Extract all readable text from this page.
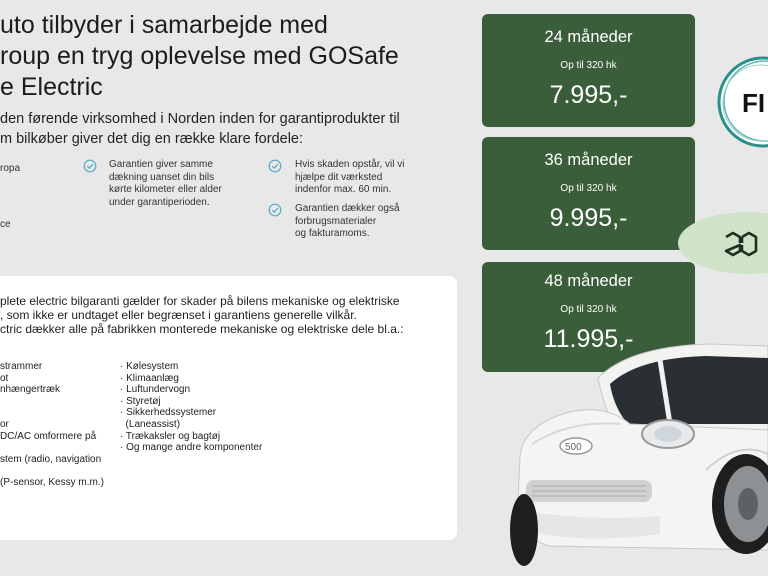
uto tilbyder i samarbejde med
roup en tryg oplevelse med GOSafe
e Electric
den førende virksomhed i Norden inden for garantiprodukter til
m bilkøber giver det dig en række klare fordele:
ropa

ce
Garantien giver samme
dækning uanset din bils
kørte kilometer eller alder
under garantiperioden.
Hvis skaden opstår, vil vi
hjælpe dit værksted
indenfor max. 60 min.
Garantien dækker også
forbrugsmaterialer
og fakturamoms.
plete electric bilgaranti gælder for skader på bilens mekaniske og elektriske
, som ikke er undtaget eller begrænset i garantiens generelle vilkår.
ctric dækker alle på fabrikken monterede mekaniske og elektriske dele bl.a.:
strammer
ot
nhængertræk

or
DC/AC omformere på

stem (radio, navigation

(P-sensor, Kessy m.m.)
· Kølesystem
· Klimaanlæg
· Luftundervogn
· Styretøj
· Sikkerhedssystemer
(Laneassist)
· Trækaksler og bagtøj
· Og mange andre komponenter
24 måneder
Op til 320 hk
7.995,-
36 måneder
Op til 320 hk
9.995,-
48 måneder
Op til 320 hk
11.995,-
FI
500
